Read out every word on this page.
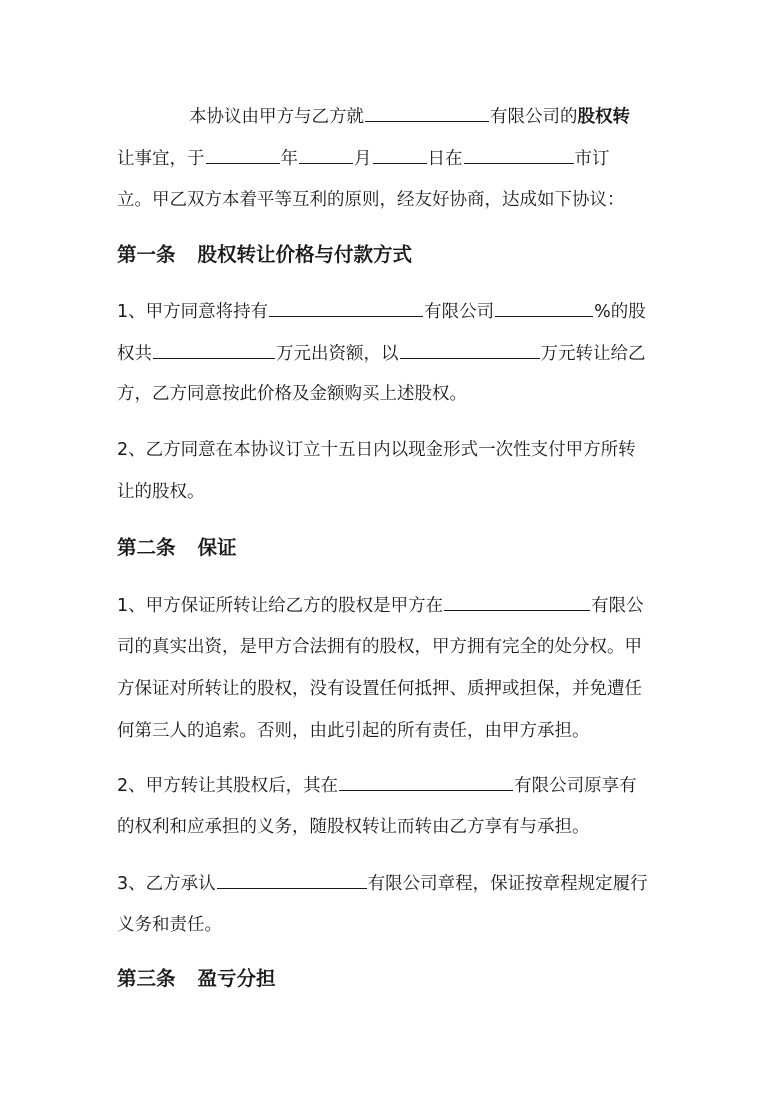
本协议由甲方与乙方就	有限公司的股权转
让事宜，于	年	月	日在	市订
立。甲乙双方本着平等互利的原则，经友好协商，达成如下协议：
第一条 股权转让价格与付款方式
1、甲方同意将持有	有限公司	%的股
权共	万元出资额，以	万元转让给乙
方，乙方同意按此价格及金额购买上述股权。
2、乙方同意在本协议订立十五日内以现金形式一次性支付甲方所转
让的股权。
第二条 保证
1、甲方保证所转让给乙方的股权是甲方在	有限公
司的真实出资，是甲方合法拥有的股权，甲方拥有完全的处分权。甲
方保证对所转让的股权，没有设置任何抵押、质押或担保，并免遭任
何第三人的追索。否则，由此引起的所有责任，由甲方承担。
2、甲方转让其股权后，其在	有限公司原享有
的权利和应承担的义务，随股权转让而转由乙方享有与承担。
3、乙方承认	有限公司章程，保证按章程规定履行
义务和责任。
第三条 盈亏分担
